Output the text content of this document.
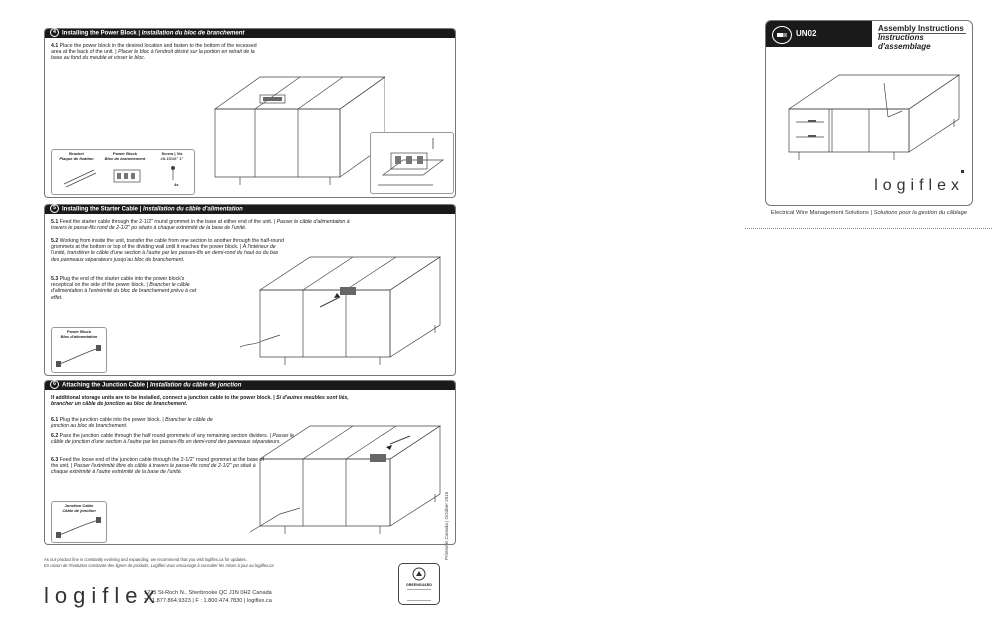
4 Installing the Power Block | Installation du bloc de branchement
4.1 Place the power block in the desired location and fasten to the bottom of the recessed area at the back of the unit. | Placer le bloc à l'endroit désiré sur la portion en retrait de la base au fond du meuble et visser le bloc.
Bracket
Plaque de fixation
Power Block
Bloc de branchement
Screw | Vis
#8-15/16" 1"
4x
5 Installing the Starter Cable | Installation du câble d'alimentation
5.1 Feed the starter cable through the 2-1/2" round grommet in the base at either end of the unit. | Passer le câble d'alimentation à travers le passe-fils rond de 2-1/2" po situés à chaque extrémité de la base de l'unité.
5.2 Working from inside the unit, transfer the cable from one section to another through the half-round grommets at the bottom or top of the dividing wall until it reaches the power block. | À l'intérieur de l'unité, transférer le câble d'une section à l'autre par les passes-fils en demi-rond du haut ou du bas des panneaux séparateurs jusqu'au bloc de branchement.
5.3 Plug the end of the starter cable into the power block's receptical on the side of the power block. | Brancher le câble d'alimentation à l'extrémité du bloc de branchement prévu à cet effet.
Power Block
Bloc d'alimentation
6 Attaching the Junction Cable | Installation du câble de jonction
If additional storage units are to be installed, connect a junction cable to the power block. | Si d'autres meubles sont liés, brancher un câble de jonction au bloc de branchement.
6.1 Plug the junction cable into the power block. | Brancher le câble de jonction au bloc de branchement.
6.2 Pass the junction cable through the half round grommets of any remaining section dividers. | Passer le câble de jonction d'une section à l'autre par les passes-fils en demi-rond des panneaux séparateurs.
6.3 Feed the loose end of the junction cable through the 2-1/2" round grommet at the base of the unit. | Passer l'extrémité libre du câble à travers le passe-fils rond de 2-1/2" po situé à chaque extrémité à l'autre extrémité de la base de l'unité.
Junction Cable
Câble de jonction
As our product line is constantly evolving and expanding, we recommend that you visit logiflex.ca for updates.
En raison de l'évolution constante des lignes de produits, Logiflex vous encourage à consulter les mises à jour au logiflex.ca
logiflex
1235 St-Roch N., Sherbrooke QC J1N 0H2 Canada
T : 1.877.864.9323 | F : 1.800.474.7830 | logiflex.ca
GREENGUARD
Printed in Canada | October 2015
UN02
Assembly Instructions
Instructions d'assemblage
logiflex
Electrical Wire Management Solutions | Solutions pour la gestion du câblage
